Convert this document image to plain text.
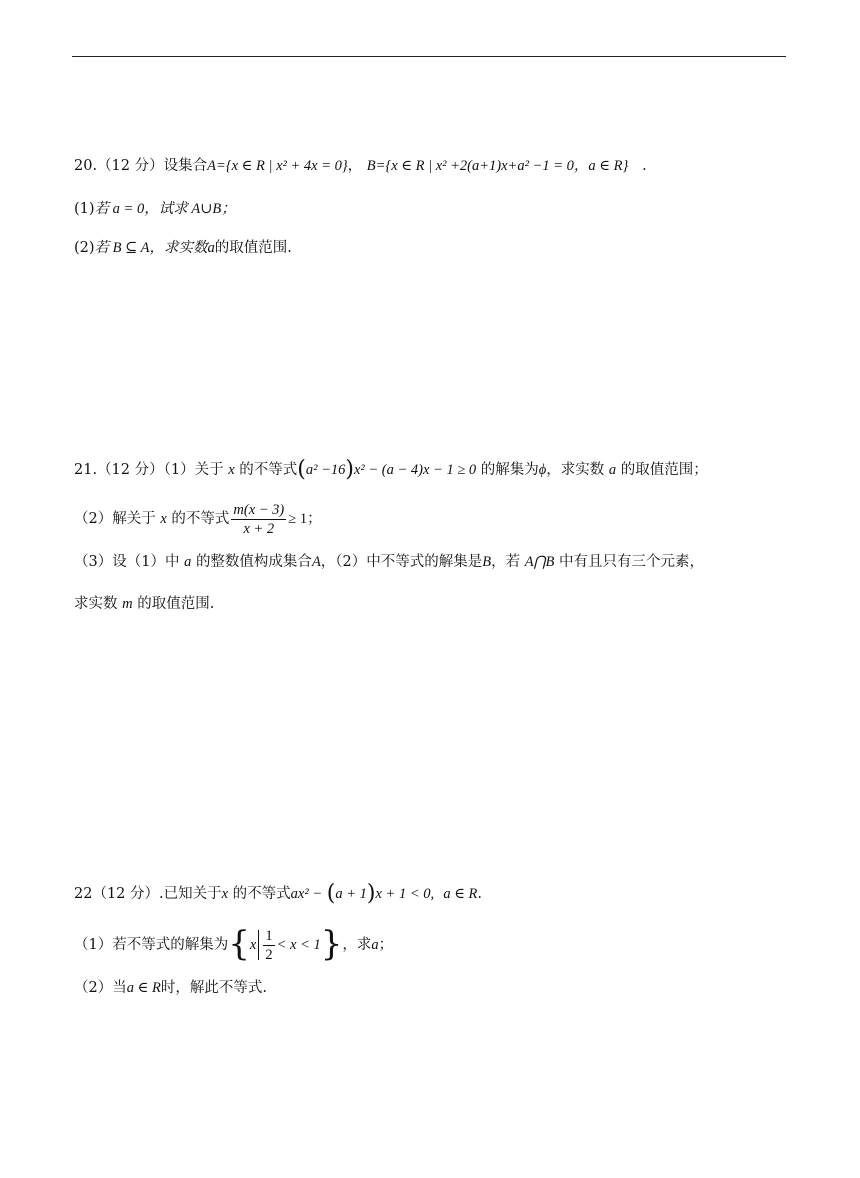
20.（12 分）设集合A={x ∈ R | x² + 4x = 0}， B={x ∈ R | x² +2(a+1)x+a² −1 = 0，a ∈ R} .
(1)若 a = 0，试求 A∪B；
(2)若 B ⊆ A，求实数a的取值范围.
21.（12 分）（1）关于 x 的不等式(a² −16)x² − (a − 4)x − 1 ≥ 0 的解集为ϕ，求实数 a 的取值范围；
（2）解关于 x 的不等式 $\frac{m(x - 3)}{x + 2} \ge 1$；
（3）设（1）中 a 的整数值构成集合A，（2）中不等式的解集是B，若 A⋂B 中有且只有三个元素，
求实数 m 的取值范围.
22（12 分）.已知关于x 的不等式ax² − (a + 1)x + 1 < 0, a ∈ R.
（1）若不等式的解集为$\{x \frac{1}{2} < x < 1\}$，求a；
（2）当a ∈ R时，解此不等式.
